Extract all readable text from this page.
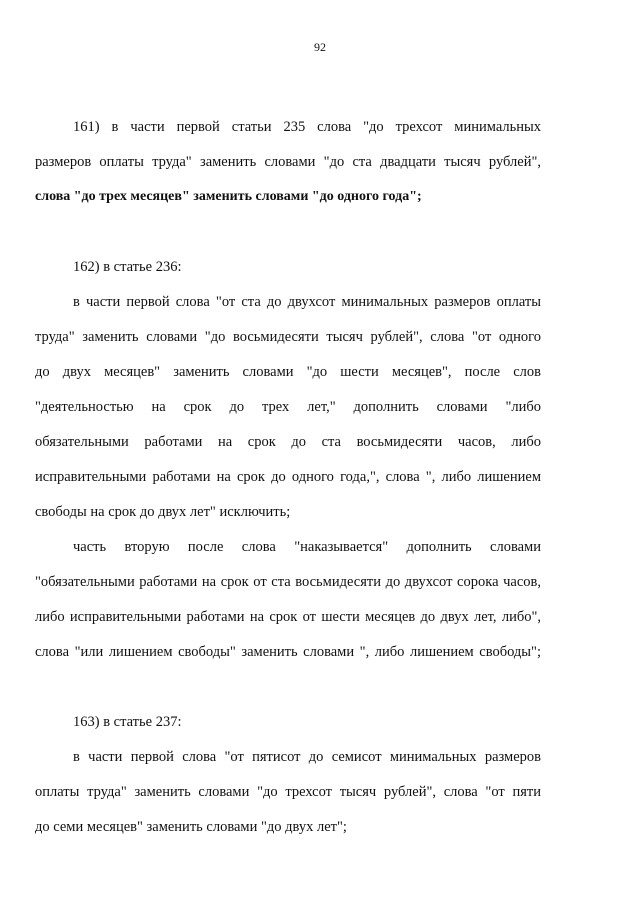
92
161) в части первой статьи 235 слова "до трехсот минимальных
размеров оплаты труда" заменить словами "до ста двадцати тысяч рублей",
слова "до трех месяцев" заменить словами "до одного года";
162) в статье 236:
в части первой слова "от ста до двухсот минимальных размеров оплаты
труда" заменить словами "до восьмидесяти тысяч рублей", слова "от одного
до двух месяцев" заменить словами "до шести месяцев", после слов
"деятельностью на срок до трех лет," дополнить словами "либо
обязательными работами на срок до ста восьмидесяти часов, либо
исправительными работами на срок до одного года,", слова ", либо лишением
свободы на срок до двух лет" исключить;
часть вторую после слова "наказывается" дополнить словами
"обязательными работами на срок от ста восьмидесяти до двухсот сорока часов,
либо исправительными работами на срок от шести месяцев до двух лет, либо",
слова "или лишением свободы" заменить словами ", либо лишением свободы";
163) в статье 237:
в части первой слова "от пятисот до семисот минимальных размеров
оплаты труда" заменить словами "до трехсот тысяч рублей", слова "от пяти
до семи месяцев" заменить словами "до двух лет";
